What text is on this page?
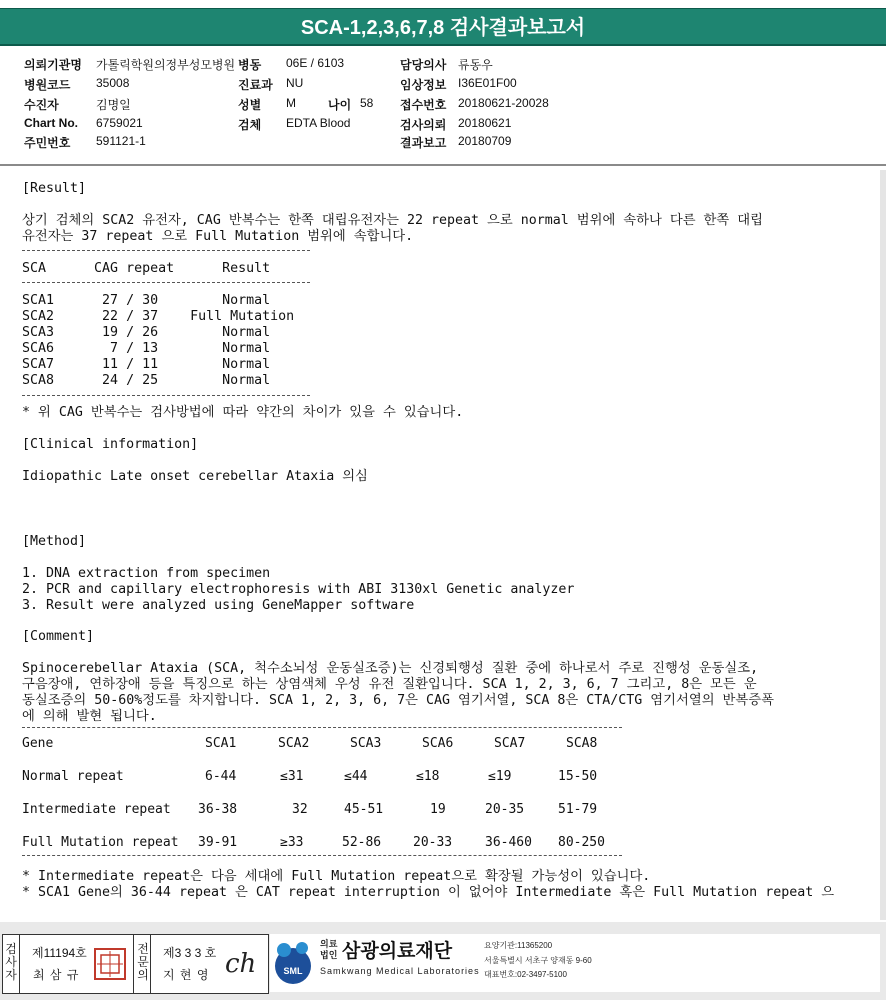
SCA-1,2,3,6,7,8 검사결과보고서
의뢰기관명 가톨릭학원의정부성모병원 병동 06E / 6103	담당의사 류동우
병원코드 35008	진료과 NU	임상정보 I36E01F00
수진자	김명일	성별 M	나이 58 접수번호 20180621-20028
Chart No. 6759021	검체 EDTA Blood	검사의뢰 20180621
주민번호 591121-1	결과보고 20180709
[Result]
상기 검체의 SCA2 유전자, CAG 반복수는 한쪽 대립유전자는 22 repeat 으로 normal 범위에 속하나 다른 한쪽 대립
유전자는 37 repeat 으로 Full Mutation 범위에 속합니다.
SCA      CAG repeat      Result
SCA1      27 / 30        Normal
SCA2      22 / 37    Full Mutation
SCA3      19 / 26        Normal
SCA6       7 / 13        Normal
SCA7      11 / 11        Normal
SCA8      24 / 25        Normal
* 위 CAG 반복수는 검사방법에 따라 약간의 차이가 있을 수 있습니다.
[Clinical information]
Idiopathic Late onset cerebellar Ataxia 의심
[Method]
1. DNA extraction from specimen
2. PCR and capillary electrophoresis with ABI 3130xl Genetic analyzer
3. Result were analyzed using GeneMapper software
[Comment]
Spinocerebellar Ataxia (SCA, 척수소뇌성 운동실조증)는 신경퇴행성 질환 중에 하나로서 주로 진행성 운동실조,
구음장애, 연하장애 등을 특징으로 하는 상염색체 우성 유전 질환입니다. SCA 1, 2, 3, 6, 7 그리고, 8은 모든 운
동실조증의 50-60%정도를 차지합니다. SCA 1, 2, 3, 6, 7은 CAG 염기서열, SCA 8은 CTA/CTG 염기서열의 반복증폭
에 의해 발현 됩니다.
Gene	SCA1	SCA2	SCA3	SCA6	SCA7	SCA8
Normal repeat	6-44	≤31	≤44	≤18	≤19	15-50
Intermediate repeat 36-38	32	45-51	19	20-35	51-79
Full Mutation repeat 39-91	≥33	52-86 20-33	36-460 80-250
* Intermediate repeat은 다음 세대에 Full Mutation repeat으로 확장될 가능성이 있습니다.
* SCA1 Gene의 36-44 repeat 은 CAT repeat interruption 이 없어야 Intermediate 혹은 Full Mutation repeat 으
검사자
제11194호
최 삼 규
전문의
제3 3 3 호
지 현 영 ch	SML
의료
법인 삼광의료재단
Samkwang Medical Laboratories
요양기관:11365200
서울특별시 서초구 양재동 9-60
대표번호:02-3497-5100
